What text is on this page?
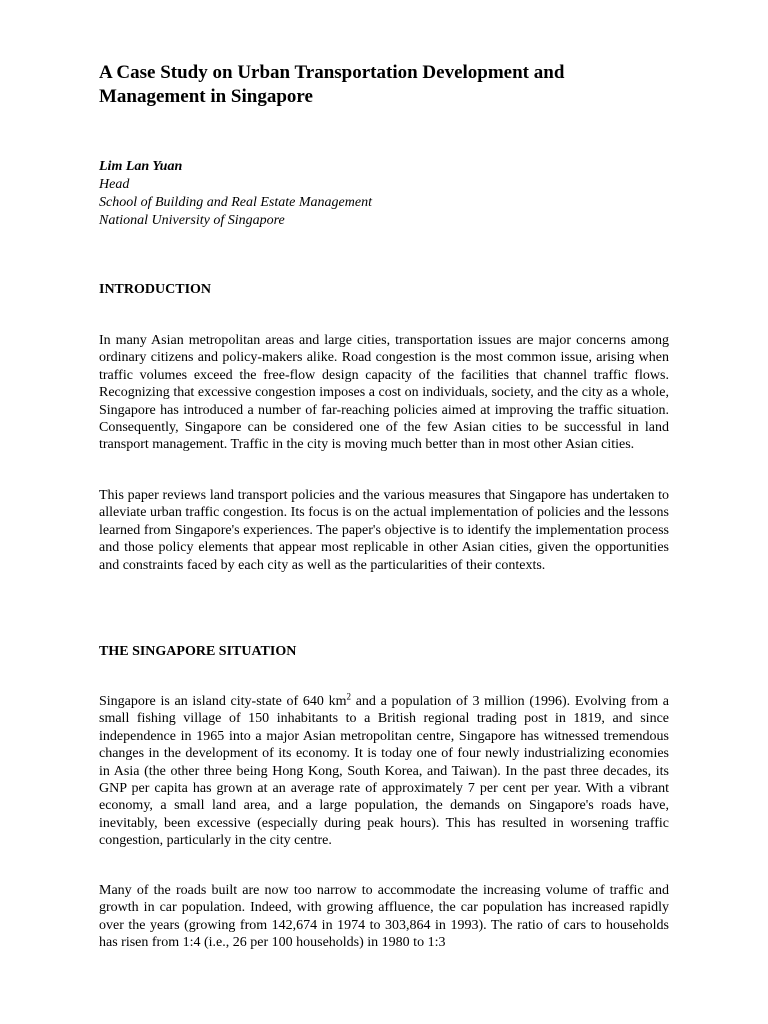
A Case Study on Urban Transportation Development and Management in Singapore
Lim Lan Yuan
Head
School of Building and Real Estate Management
National University of Singapore
INTRODUCTION

In many Asian metropolitan areas and large cities, transportation issues are major concerns among ordinary citizens and policy-makers alike. Road congestion is the most common issue, arising when traffic volumes exceed the free-flow design capacity of the facilities that channel traffic flows. Recognizing that excessive congestion imposes a cost on individuals, society, and the city as a whole, Singapore has introduced a number of far-reaching policies aimed at improving the traffic situation. Consequently, Singapore can be considered one of the few Asian cities to be successful in land transport management. Traffic in the city is moving much better than in most other Asian cities.

This paper reviews land transport policies and the various measures that Singapore has undertaken to alleviate urban traffic congestion. Its focus is on the actual implementation of policies and the lessons learned from Singapore's experiences. The paper's objective is to identify the implementation process and those policy elements that appear most replicable in other Asian cities, given the opportunities and constraints faced by each city as well as the particularities of their contexts.

THE SINGAPORE SITUATION

Singapore is an island city-state of 640 $km^2$ and a population of 3 million (1996). Evolving from a small fishing village of 150 inhabitants to a British regional trading post in 1819, and since independence in 1965 into a major Asian metropolitan centre, Singapore has witnessed tremendous changes in the development of its economy. It is today one of four newly industrializing economies in Asia (the other three being Hong Kong, South Korea, and Taiwan). In the past three decades, its GNP per capita has grown at an average rate of approximately 7 per cent per year. With a vibrant economy, a small land area, and a large population, the demands on Singapore's roads have, inevitably, been excessive (especially during peak hours). This has resulted in worsening traffic congestion, particularly in the city centre.

Many of the roads built are now too narrow to accommodate the increasing volume of traffic and growth in car population. Indeed, with growing affluence, the car population has increased rapidly over the years (growing from 142,674 in 1974 to 303,864 in 1993). The ratio of cars to households has risen from 1:4 (i.e., 26 per 100 households) in 1980 to 1:3
